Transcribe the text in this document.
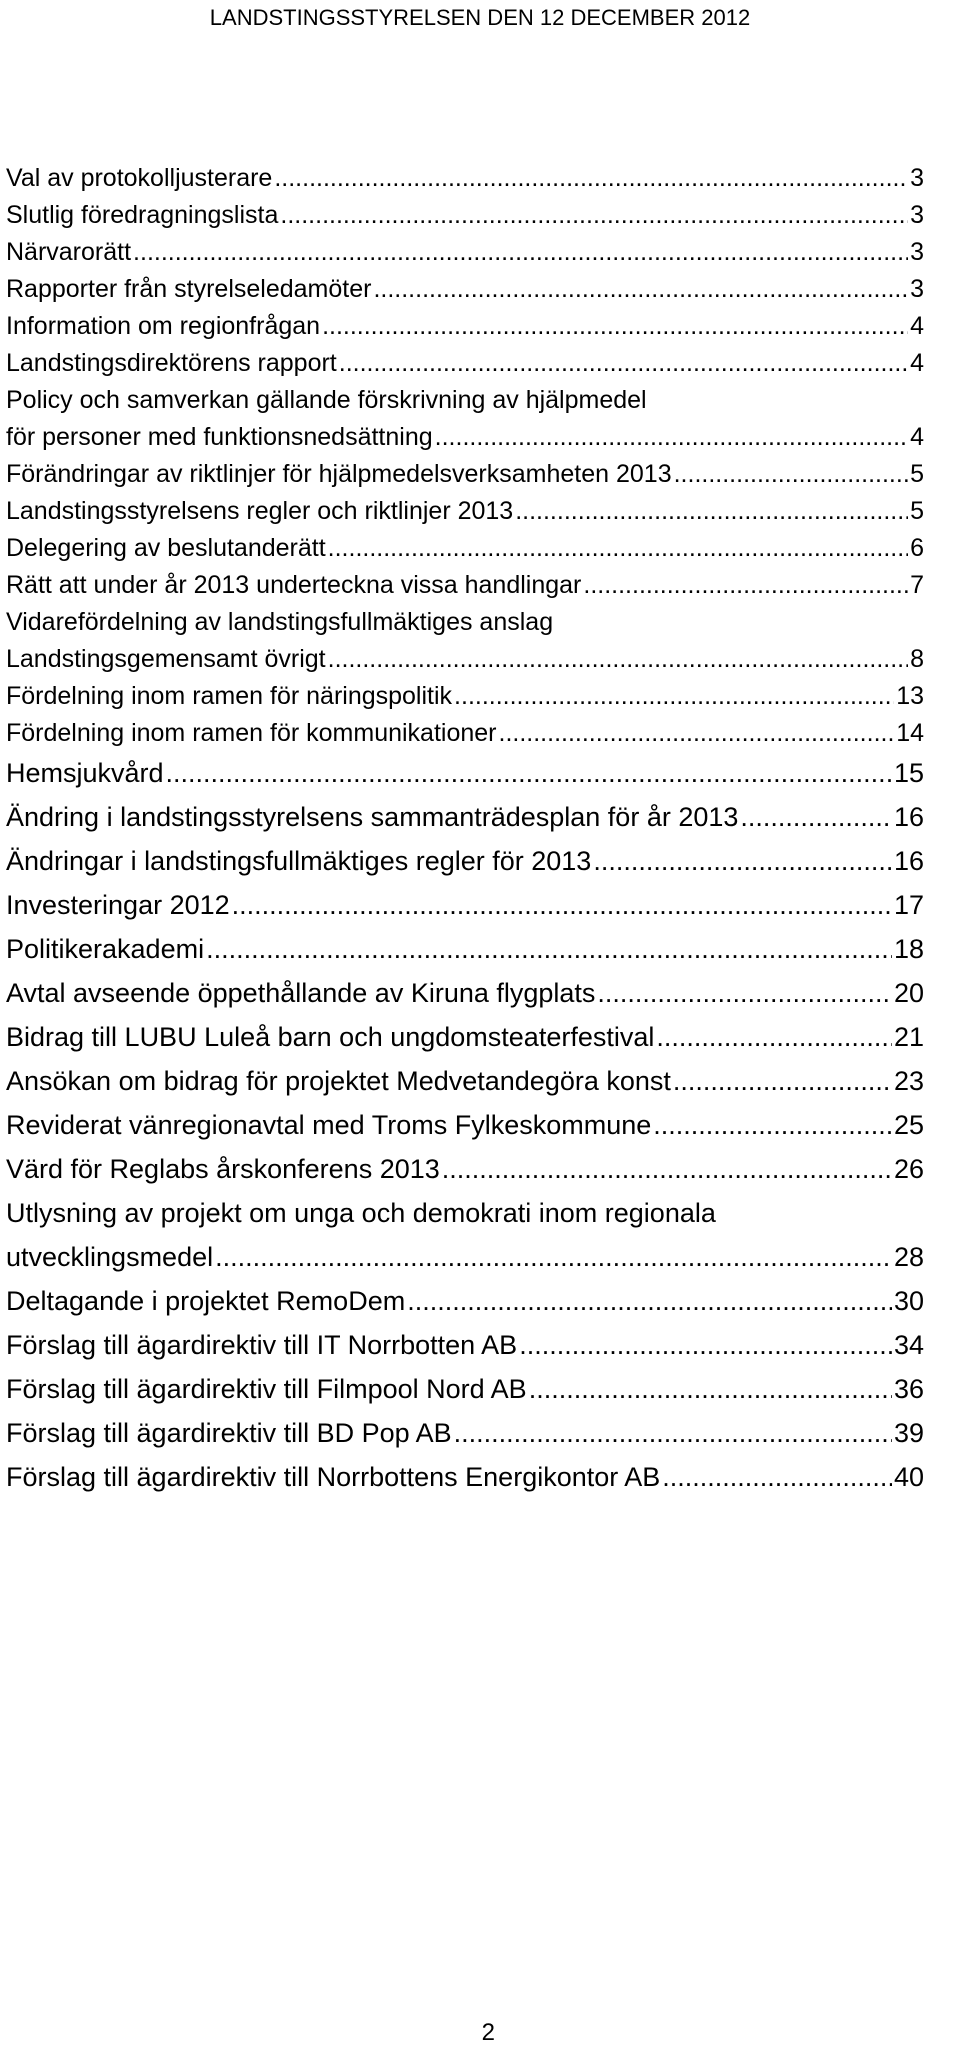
LANDSTINGSSTYRELSEN DEN 12 DECEMBER 2012
Val av protokolljusterare .....	3
Slutlig föredragningslista .....	3
Närvarorätt .....	3
Rapporter från styrelseledamöter .....	3
Information om regionfrågan .....	4
Landstingsdirektörens rapport .....	4
Policy och samverkan gällande förskrivning av hjälpmedel
för personer med funktionsnedsättning .....	4
Förändringar av riktlinjer för hjälpmedelsverksamheten 2013 .....	5
Landstingsstyrelsens regler och riktlinjer 2013 .....	5
Delegering av beslutanderätt .....	6
Rätt att under år 2013 underteckna vissa handlingar .....	7
Vidarefördelning av landstingsfullmäktiges anslag
Landstingsgemensamt övrigt .....	8
Fördelning inom ramen för näringspolitik .....	13
Fördelning inom ramen för kommunikationer .....	14
Hemsjukvård .....	15
Ändring i landstingsstyrelsens sammanträdesplan för år 2013 .....	16
Ändringar i landstingsfullmäktiges regler för 2013 .....	16
Investeringar 2012 .....	17
Politikerakademi .....	18
Avtal avseende öppethållande av Kiruna flygplats .....	20
Bidrag till LUBU Luleå barn och ungdomsteaterfestival .....	21
Ansökan om bidrag för projektet Medvetandegöra konst .....	23
Reviderat vänregionavtal med Troms Fylkeskommune .....	25
Värd för Reglabs årskonferens 2013 .....	26
Utlysning av projekt om unga och demokrati inom regionala
utvecklingsmedel .....	28
Deltagande i projektet RemoDem .....	30
Förslag till ägardirektiv till IT Norrbotten AB .....	34
Förslag till ägardirektiv till Filmpool Nord AB .....	36
Förslag till ägardirektiv till BD Pop AB .....	39
Förslag till ägardirektiv till Norrbottens Energikontor AB .....	40
2
